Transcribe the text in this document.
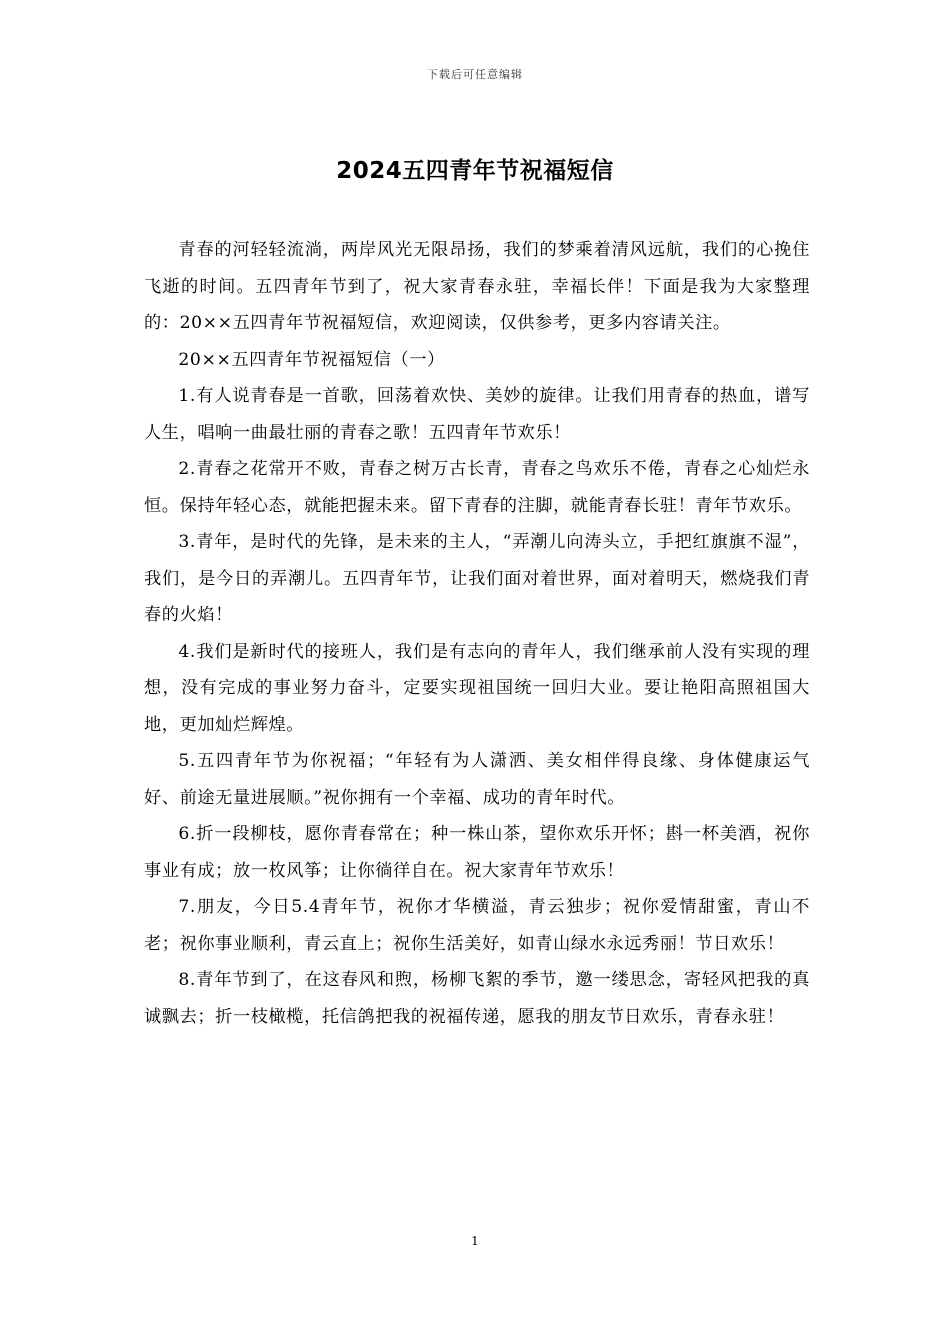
下载后可任意编辑
2024五四青年节祝福短信

青春的河轻轻流淌，两岸风光无限昂扬，我们的梦乘着清风远航，我们的心挽住飞逝的时间。五四青年节到了，祝大家青春永驻，幸福长伴！下面是我为大家整理的：20××五四青年节祝福短信，欢迎阅读，仅供参考，更多内容请关注。

20××五四青年节祝福短信（一）

1.有人说青春是一首歌，回荡着欢快、美妙的旋律。让我们用青春的热血，谱写人生，唱响一曲最壮丽的青春之歌！五四青年节欢乐！

2.青春之花常开不败，青春之树万古长青，青春之鸟欢乐不倦，青春之心灿烂永恒。保持年轻心态，就能把握未来。留下青春的注脚，就能青春长驻！青年节欢乐。

3.青年，是时代的先锋，是未来的主人，“弄潮儿向涛头立，手把红旗旗不湿”，我们，是今日的弄潮儿。五四青年节，让我们面对着世界，面对着明天，燃烧我们青春的火焰！

4.我们是新时代的接班人，我们是有志向的青年人，我们继承前人没有实现的理想，没有完成的事业努力奋斗，定要实现祖国统一回归大业。要让艳阳高照祖国大地，更加灿烂辉煌。

5.五四青年节为你祝福；“年轻有为人潇洒、美女相伴得良缘、身体健康运气好、前途无量进展顺。”祝你拥有一个幸福、成功的青年时代。

6.折一段柳枝，愿你青春常在；种一株山茶，望你欢乐开怀；斟一杯美酒，祝你事业有成；放一枚风筝；让你徜徉自在。祝大家青年节欢乐！

7.朋友，今日5.4青年节，祝你才华横溢，青云独步；祝你爱情甜蜜，青山不老；祝你事业顺利，青云直上；祝你生活美好，如青山绿水永远秀丽！节日欢乐！

8.青年节到了，在这春风和煦，杨柳飞絮的季节，邀一缕思念，寄轻风把我的真诚飘去；折一枝橄榄，托信鸽把我的祝福传递，愿我的朋友节日欢乐，青春永驻！

1
